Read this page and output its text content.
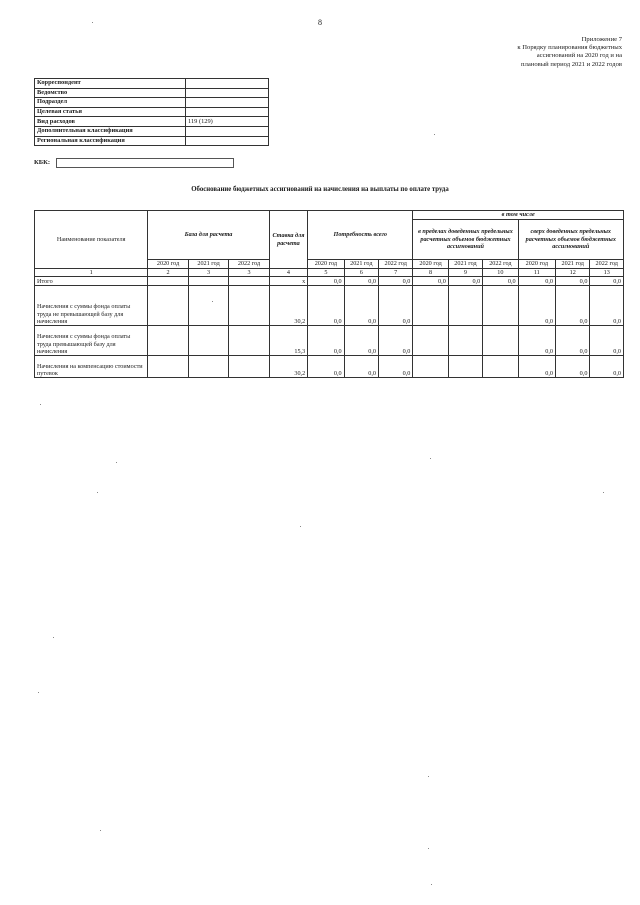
8
Приложение 7
к Порядку планирования бюджетных
ассигнований на 2020 год и на
плановый период 2021 и 2022 годов
Корреспондент	
Ведомство	
Подраздел	
Целевая статья	
Вид расходов	119 (129)
Дополнительная классификация	
Региональная классификация	
КБК:
Обоснование бюджетных ассигнований на начисления на выплаты по оплате труда
Наименование показателя	База для расчета			Ставка для расчета	Потребность всего			в том числе					
								в пределах доведенных предельных расчетных объемов бюджетных ассигнований			сверх доведенных предельных расчетных объемов бюджетных ассигнований		
	2020 год	2021 год	2022 год		2020 год	2021 год	2022 год	2020 год	2021 год	2022 год	2020 год	2021 год	2022 год
1	2	3	3	4	5	6	7	8	9	10	11	12	13
Итого				х	0,0	0,0	0,0	0,0	0,0	0,0	0,0	0,0	0,0
Начисления с суммы фонда оплаты труда не превышающей базу для начисления				30,2	0,0	0,0	0,0				0,0	0,0	0,0
Начисления с суммы фонда оплаты труда превышающей базу для начисления				15,3	0,0	0,0	0,0				0,0	0,0	0,0
Начисления на компенсацию стоимости путевок				30,2	0,0	0,0	0,0				0,0	0,0	0,0
